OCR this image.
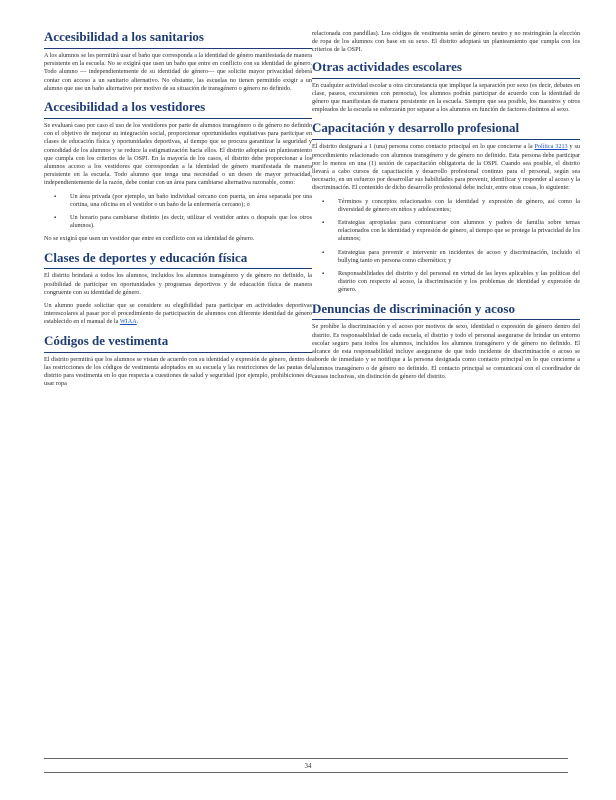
Accesibilidad a los sanitarios

A los alumnos se les permitirá usar el baño que corresponda a la identidad de género manifestada de manera persistente en la escuela. No se exigirá que usen un baño que entre en conflicto con su identidad de género. Todo alumno — independientemente de su identidad de género— que solicite mayor privacidad deberá contar con acceso a un sanitario alternativo. No obstante, las escuelas no tienen permitido exigir a un alumno que use un baño alternativo por motivo de su situación de transgénero o género no definido.

Accesibilidad a los vestidores

Se evaluará caso por caso el uso de los vestidores por parte de alumnos transgénero o de género no definido con el objetivo de mejorar su integración social, proporcionar oportunidades equitativas para participar en clases de educación física y oportunidades deportivas, al tiempo que se procura garantizar la seguridad y comodidad de los alumnos y se reduce la estigmatización hacia ellos. El distrito adoptará un planteamiento que cumpla con los criterios de la OSPI. En la mayoría de los casos, el distrito debe proporcionar a los alumnos acceso a los vestidores que correspondan a la identidad de género manifestada de manera persistente en la escuela. Todo alumno que tenga una necesidad o un deseo de mayor privacidad, independientemente de la razón, debe contar con un área para cambiarse alternativa razonable, como:

▪ Un área privada (por ejemplo, un baño individual cercano con puerta, un área separada por una cortina, una oficina en el vestidor o un baño de la enfermería cercano); o
▪ Un horario para cambiarse distinto (es decir, utilizar el vestidor antes o después que los otros alumnos).

No se exigirá que usen un vestidor que entre en conflicto con su identidad de género.

Clases de deportes y educación física

El distrito brindará a todos los alumnos, incluidos los alumnos transgénero y de género no definido, la posibilidad de participar en oportunidades y programas deportivos y de educación física de manera congruente con su identidad de género.

Un alumno puede solicitar que se considere su elegibilidad para participar en actividades deportivas interescolares al pasar por el procedimiento de participación de alumnos con diferente identidad de género establecido en el manual de la WIAA.

Códigos de vestimenta

El distrito permitirá que los alumnos se vistan de acuerdo con su identidad y expresión de género, dentro de las restricciones de los códigos de vestimenta adoptados en su escuela y las restricciones de las pautas del distrito para vestimenta en lo que respecta a cuestiones de salud y seguridad (por ejemplo, prohibiciones de usar ropa

relacionada con pandillas). Los códigos de vestimenta serán de género neutro y no restringirán la elección de ropa de los alumnos con base en su sexo. El distrito adoptará un planteamiento que cumpla con los criterios de la OSPI.

Otras actividades escolares

En cualquier actividad escolar u otra circunstancia que implique la separación por sexo (es decir, debates en clase, paseos, excursiones con pernocta), los alumnos podrán participar de acuerdo con la identidad de género que manifiestan de manera persistente en la escuela. Siempre que sea posible, los maestros y otros empleados de la escuela se esforzarán por separar a los alumnos en función de factores distintos al sexo.

Capacitación y desarrollo profesional

El distrito designará a 1 (una) persona como contacto principal en lo que concierne a la Política 3213 y su procedimiento relacionado con alumnos transgénero y de género no definido. Esta persona debe participar por lo menos en una (1) sesión de capacitación obligatoria de la OSPI. Cuando sea posible, el distrito llevará a cabo cursos de capacitación y desarrollo profesional continuo para el personal, según sea necesario, en un esfuerzo por desarrollar sus habilidades para prevenir, identificar y responder al acoso y la discriminación. El contenido de dicho desarrollo profesional debe incluir, entre otras cosas, lo siguiente:

▪ Términos y conceptos relacionados con la identidad y expresión de género, así como la diversidad de género en niños y adolescentes;
▪ Estrategias apropiadas para comunicarse con alumnos y padres de familia sobre temas relacionados con la identidad y expresión de género, al tiempo que se protege la privacidad de los alumnos;
▪ Estrategias para prevenir e intervenir en incidentes de acoso y discriminación, incluido el bullying tanto en persona como cibernético; y
▪ Responsabilidades del distrito y del personal en virtud de las leyes aplicables y las políticas del distrito con respecto al acoso, la discriminación y los problemas de identidad y expresión de género.
Denuncias de discriminación y acoso

Se prohíbe la discriminación y el acoso por motivos de sexo, identidad o expresión de género dentro del distrito. Es responsabilidad de cada escuela, el distrito y todo el personal asegurarse de brindar un entorno escolar seguro para todos los alumnos, incluidos los alumnos transgénero y de género no definido. El alcance de esta responsabilidad incluye asegurarse de que todo incidente de discriminación o acoso se aborde de inmediato y se notifique a la persona designada como contacto principal en lo que concierne a alumnos transgénero o de género no definido. El contacto principal se comunicará con el coordinador de causas inclusivas, sin distinción de género del distrito.

34
